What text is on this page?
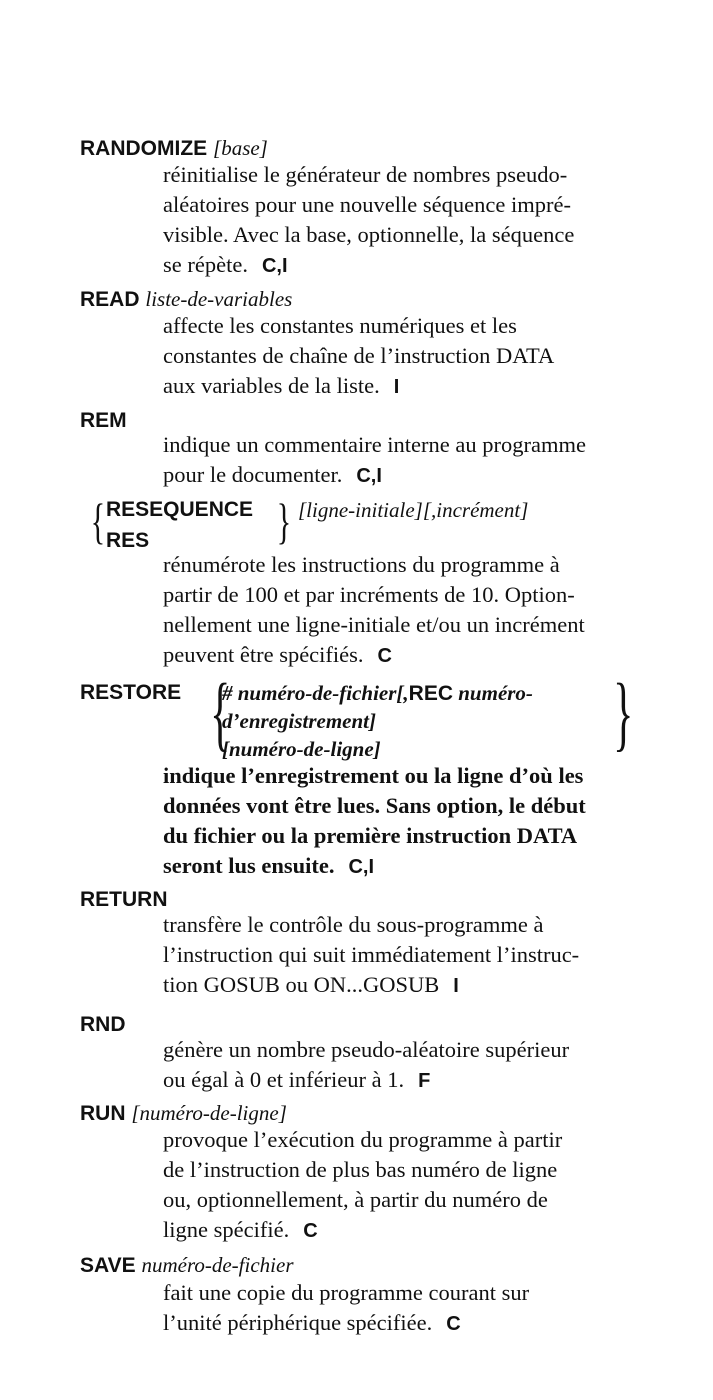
RANDOMIZE [base]
réinitialise le générateur de nombres pseudo-
aléatoires pour une nouvelle séquence impré-
visible. Avec la base, optionnelle, la séquence
se répète. C,I
READ liste-de-variables
affecte les constantes numériques et les
constantes de chaîne de l’instruction DATA
aux variables de la liste. I
REM
indique un commentaire interne au programme
pour le documenter. C,I
{ RESEQUENCE
RES	} [ligne-initiale][,incrément]
rénumérote les instructions du programme à
partir de 100 et par incréments de 10. Option-
nellement une ligne-initiale et/ou un incrément
peuvent être spécifiés. C
RESTORE {
# numéro-de-fichier[,REC numéro-
d’enregistrement]
[numéro-de-ligne]	}
indique l’enregistrement ou la ligne d’où les
données vont être lues. Sans option, le début
du fichier ou la première instruction DATA
seront lus ensuite. C,I
RETURN
transfère le contrôle du sous-programme à
l’instruction qui suit immédiatement l’instruc-
tion GOSUB ou ON...GOSUB I
RND
génère un nombre pseudo-aléatoire supérieur
ou égal à 0 et inférieur à 1. F
RUN [numéro-de-ligne]
provoque l’exécution du programme à partir
de l’instruction de plus bas numéro de ligne
ou, optionnellement, à partir du numéro de
ligne spécifié. C
SAVE numéro-de-fichier
fait une copie du programme courant sur
l’unité périphérique spécifiée. C
